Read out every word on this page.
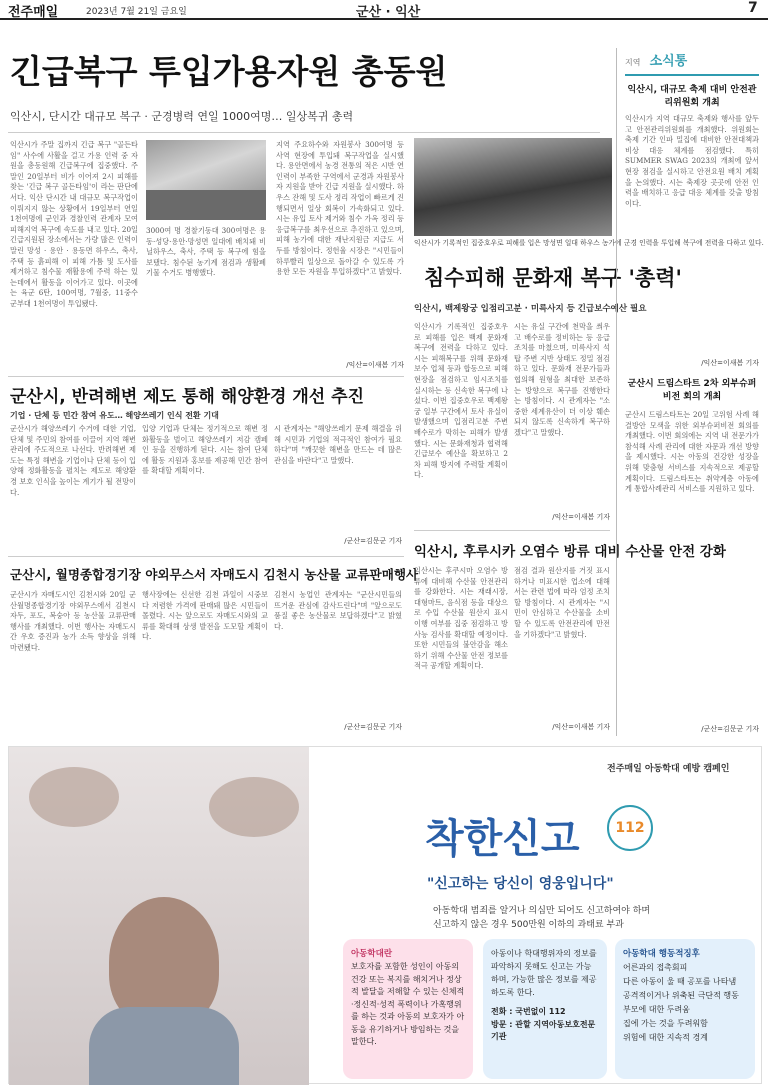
전주매일	2023년 7월 21일 금요일	군산 · 익산	7
긴급복구 투입가용자원 총동원
익산시, 단시간 대규모 복구 · 군경병력 연일 1000여명… 일상복귀 총력
익산시가 주말 집까지 긴급 복구 "골든타임" 사수에 사활을 걸고 가용 인력 중 자원을 총동원해 긴급복구에 집중했다. 주말인 20일부터 비가 이어져 2시 피해를 찾는 '긴급 복구 골든타임'이 라는 판단에서다. 익산 단시간 내 대규모 복구작업이 이뤄지지 않는 상황에서 19일부터 연일 1천여명에 군인과 경찰인력 관계자 모여 피해지역 복구에 속도를 내고 있다. 20일 긴급지원된 장소에서는 가량 많은 인력이 말린 망성 · 용안 · 용동면 하우스, 축사, 주택 등 흙피해 이 피해 가툼 및 도사를 제거하고 침수물 재활용에 주력 하는 있는데에서 활동을 이어가고 있다. 이곳에는 육군 6탄, 100여명, 7월중, 11중수 군부대 1천여명이 투입됐다.
3000여 명 경찰기동대 300여명은 용동·성당·용안·망성면 일대에 배치돼 비닐하우스, 축사, 주택 등 복구에 힘을 보탰다. 침수된 농기계 점검과 생활폐기물 수거도 병행했다.
지역 주요하수와 자원봉사 300여명 등 사역 현장에 투입돼 복구작업을 실시했다. 용안면에서 농경 전통의 적은 시반 연 인력이 부족한 구역에서 군경과 자원봉사자 지원을 받아 긴급 지원을 실시했다. 하우스 잔해 및 도사 정리 작업이 빠르게 진행되면서 일상 회복이 가속화되고 있다. 시는 유입 토사 제거와 침수 가옥 정리 등 응급복구를 최우선으로 추진하고 있으며, 피해 농가에 대한 재난지원금 지급도 서두를 방침이다. 정헌율 시장은 "시민들이 하루빨리 일상으로 돌아갈 수 있도록 가용한 모든 자원을 투입하겠다"고 밝혔다.
/익산=이새봄 기자
익산시가 기록적인 집중호우로 피해를 입은 망성면 일대 하우스 농가에 군경 인력을 투입해 복구에 전력을 다하고 있다.
침수피해 문화재 복구 '총력'
익산시, 백제왕궁 입점리고분 · 미륵사지 등 긴급보수예산 필요
익산시가 기록적인 집중호우로 피해를 입은 백제 문화재 복구에 전력을 다하고 있다. 시는 피해복구를 위해 문화재 보수 업체 등과 합동으로 피해 현장을 점검하고 임시조치를 실시하는 등 신속한 복구에 나섰다. 이번 집중호우로 백제왕궁 일부 구간에서 토사 유실이 발생했으며 입점리고분 주변 배수로가 막히는 피해가 발생했다. 시는 문화재청과 협력해 긴급보수 예산을 확보하고 2차 피해 방지에 주력할 계획이다.
시는 유실 구간에 천막을 씌우고 배수로를 정비하는 등 응급조치를 마쳤으며, 미륵사지 석탑 주변 지반 상태도 정밀 점검하고 있다. 문화재 전문가들과 협의해 원형을 최대한 보존하는 방향으로 복구를 진행한다는 방침이다. 시 관계자는 "소중한 세계유산이 더 이상 훼손되지 않도록 신속하게 복구하겠다"고 말했다.
/익산=이새봄 기자
군산시, 반려해변 제도 통해 해양환경 개선 추진
기업 · 단체 등 민간 참여 유도… 해양쓰레기 인식 전환 기대
군산시가 해양쓰레기 수거에 대한 기업, 단체 및 주민의 참여를 이끌어 지역 해변 관리에 주도적으로 나선다. 반려해변 제도는 특정 해변을 기업이나 단체 등이 입양해 정화활동을 펼치는 제도로 해양환경 보호 인식을 높이는 계기가 될 전망이다.
입양 기업과 단체는 정기적으로 해변 정화활동을 벌이고 해양쓰레기 저감 캠페인 등을 진행하게 된다. 시는 참여 단체에 활동 지원과 홍보를 제공해 민간 참여를 확대할 계획이다.
시 관계자는 "해양쓰레기 문제 해결을 위해 시민과 기업의 적극적인 참여가 필요하다"며 "깨끗한 해변을 만드는 데 많은 관심을 바란다"고 말했다.
/군산=김문군 기자
익산시, 후루시카 오염수 방류 대비 수산물 안전 강화
익산시는 후쿠시마 오염수 방류에 대비해 수산물 안전관리를 강화한다. 시는 재래시장, 대형마트, 음식점 등을 대상으로 수입 수산물 원산지 표시 이행 여부를 집중 점검하고 방사능 검사를 확대할 예정이다. 또한 시민들의 불안감을 해소하기 위해 수산물 안전 정보를 적극 공개할 계획이다.
점검 결과 원산지를 거짓 표시하거나 미표시한 업소에 대해서는 관련 법에 따라 엄정 조치할 방침이다. 시 관계자는 "시민이 안심하고 수산물을 소비할 수 있도록 안전관리에 만전을 기하겠다"고 밝혔다.
/익산=이새봄 기자
군산시, 월명종합경기장 야외무스서 자매도시 김천시 농산물 교류판매행사
군산시가 자매도시인 김천시와 20일 군산월명종합경기장 야외무스에서 김천시 자두, 포도, 복숭아 등 농산물 교류판매행사를 개최했다. 이번 행사는 자매도시 간 우호 증진과 농가 소득 향상을 위해 마련됐다.
행사장에는 신선한 김천 과일이 시중보다 저렴한 가격에 판매돼 많은 시민들이 몰렸다. 시는 앞으로도 자매도시와의 교류를 확대해 상생 발전을 도모할 계획이다.
김천시 농업인 관계자는 "군산시민들의 뜨거운 관심에 감사드린다"며 "앞으로도 품질 좋은 농산물로 보답하겠다"고 밝혔다.
/군산=김문군 기자
지역 소식통
익산시, 대규모 축제 대비 안전관리위원회 개최
익산시가 지역 대규모 축제와 행사를 앞두고 안전관리위원회를 개최했다. 위원회는 축제 기간 인파 밀집에 대비한 안전대책과 비상 대응 체계를 점검했다. 특히 SUMMER SWAG 2023의 개최에 앞서 현장 점검을 실시하고 안전요원 배치 계획을 논의했다. 시는 축제장 곳곳에 안전 인력을 배치하고 응급 대응 체계를 갖출 방침이다.
/익산=이새봄 기자
군산시 드림스타트 2차 외부슈퍼비전 회의 개최
군산시 드림스타트는 20일 고위험 사례 해결방안 모색을 위한 외부슈퍼비전 회의를 개최했다. 이번 회의에는 지역 내 전문가가 참석해 사례 관리에 대한 자문과 개선 방향을 제시했다. 시는 아동의 건강한 성장을 위해 맞춤형 서비스를 지속적으로 제공할 계획이다. 드림스타트는 취약계층 아동에게 통합사례관리 서비스를 지원하고 있다.
/군산=김문군 기자
전주매일 아동학대 예방 캠페인
착한신고	112
"신고하는 당신이 영웅입니다"
아동학대 범죄를 알거나 의심만 되어도 신고하여야 하며
신고하지 않은 경우 500만원 이하의 과태료 부과
아동학대란
보호자를 포함한 성인이 아동의 건강 또는 복지를 해치거나 정상적 발달을 저해할 수 있는 신체적·정신적·성적 폭력이나 가혹행위를 하는 것과 아동의 보호자가 아동을 유기하거나 방임하는 것을 말한다.
아동이나 학대행위자의 정보를 파악하지 못해도 신고는 가능하며, 가능한 많은 정보를 제공하도록 한다.
전화 : 국번없이 112
방문 : 관할 지역아동보호전문기관
아동학대 행동적징후
어른과의 접촉회피
다른 아동이 울 때 공포를 나타냄
공격적이거나 위축된 극단적 행동
부모에 대한 두려움
집에 가는 것을 두려워함
위험에 대한 지속적 경계
